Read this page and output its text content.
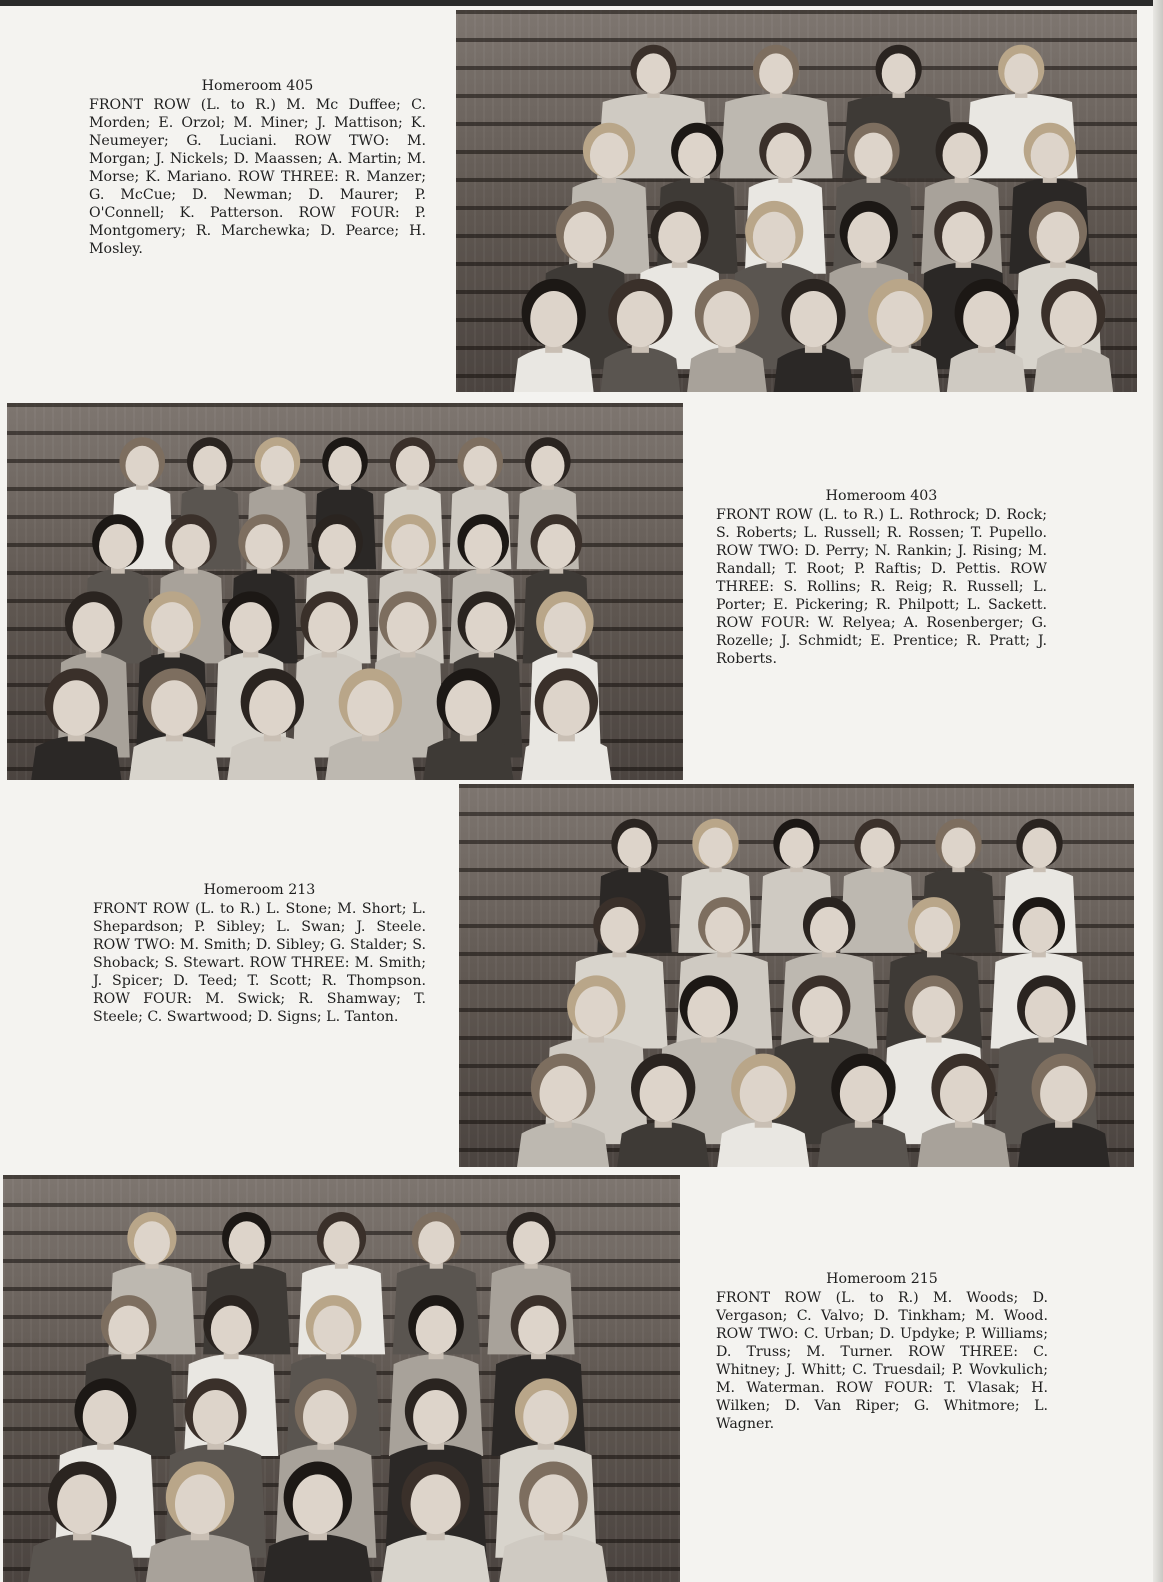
Homeroom 405
FRONT ROW (L. to R.) M. Mc Duffee; C. Morden; E. Orzol; M. Miner; J. Mattison; K. Neumeyer; G. Luciani. ROW TWO: M. Morgan; J. Nickels; D. Maassen; A. Martin; M. Morse; K. Mariano. ROW THREE: R. Manzer; G. McCue; D. Newman; D. Maurer; P. O'Connell; K. Patterson. ROW FOUR: P. Montgomery; R. Marchewka; D. Pearce; H. Mosley.
Homeroom 403
FRONT ROW (L. to R.) L. Rothrock; D. Rock; S. Roberts; L. Russell; R. Rossen; T. Pupello. ROW TWO: D. Perry; N. Rankin; J. Rising; M. Randall; T. Root; P. Raftis; D. Pettis. ROW THREE: S. Rollins; R. Reig; R. Russell; L. Porter; E. Pickering; R. Philpott; L. Sackett. ROW FOUR: W. Relyea; A. Rosenberger; G. Rozelle; J. Schmidt; E. Prentice; R. Pratt; J. Roberts.
Homeroom 213
FRONT ROW (L. to R.) L. Stone; M. Short; L. Shepardson; P. Sibley; L. Swan; J. Steele. ROW TWO: M. Smith; D. Sibley; G. Stalder; S. Shoback; S. Stewart. ROW THREE: M. Smith; J. Spicer; D. Teed; T. Scott; R. Thompson. ROW FOUR: M. Swick; R. Shamway; T. Steele; C. Swartwood; D. Signs; L. Tanton.
Homeroom 215
FRONT ROW (L. to R.) M. Woods; D. Vergason; C. Valvo; D. Tinkham; M. Wood. ROW TWO: C. Urban; D. Updyke; P. Williams; D. Truss; M. Turner. ROW THREE: C. Whitney; J. Whitt; C. Truesdail; P. Wovkulich; M. Waterman. ROW FOUR: T. Vlasak; H. Wilken; D. Van Riper; G. Whitmore; L. Wagner.
